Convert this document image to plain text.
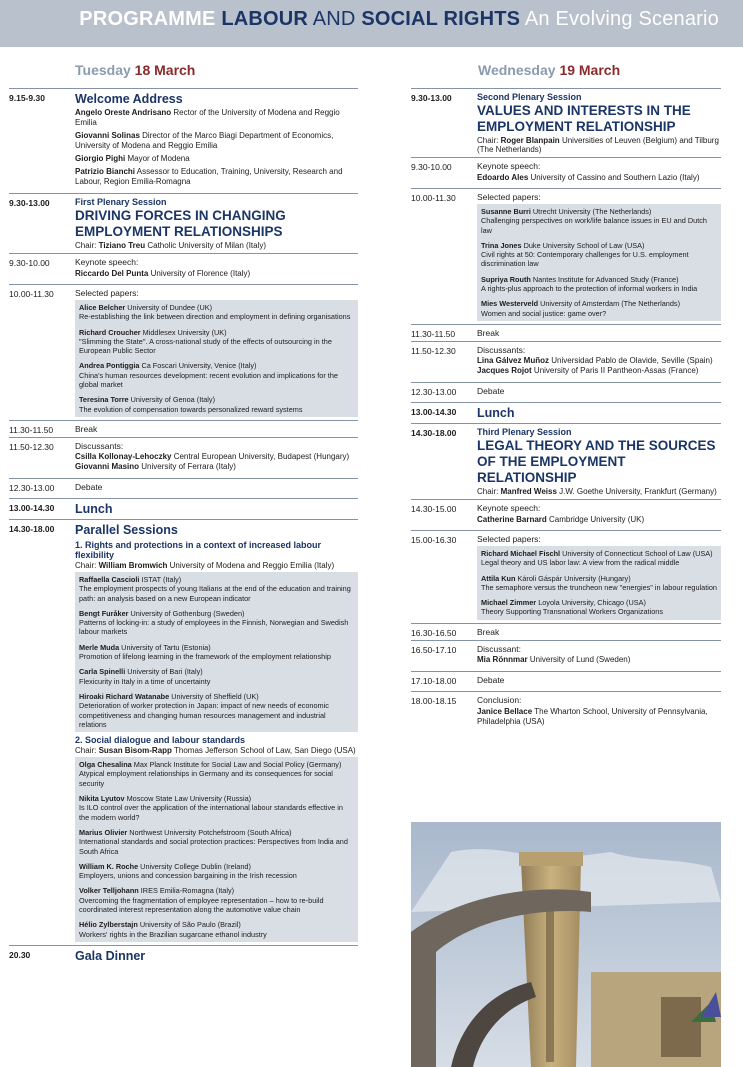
PROGRAMME LABOUR AND SOCIAL RIGHTS An Evolving Scenario
Tuesday 18 March	Wednesday 19 March
9.15-9.30	Welcome Address
Angelo Oreste Andrisano Rector of the University of Modena and Reggio Emilia
Giovanni Solinas Director of the Marco Biagi Department of Economics, University of Modena and Reggio Emilia
Giorgio Pighi Mayor of Modena
Patrizio Bianchi Assessor to Education, Training, University, Research and Labour, Region Emilia-Romagna
9.30-13.00	First Plenary Session
DRIVING FORCES IN CHANGING EMPLOYMENT RELATIONSHIPS
Chair: Tiziano Treu Catholic University of Milan (Italy)
9.30-10.00	Keynote speech:
Riccardo Del Punta University of Florence (Italy)
10.00-11.30	Selected papers:
Alice Belcher University of Dundee (UK)
Re-establishing the link between direction and employment in defining organisations
Richard Croucher Middlesex University (UK)
"Slimming the State". A cross-national study of the effects of outsourcing in the European Public Sector
Andrea Pontiggia Ca Foscari University, Venice (Italy)
China's human resources development: recent evolution and implications for the global market
Teresina Torre University of Genoa (Italy)
The evolution of compensation towards personalized reward systems
11.30-11.50	Break
11.50-12.30	Discussants:
Csilla Kollonay-Lehoczky Central European University, Budapest (Hungary)
Giovanni Masino University of Ferrara (Italy)
12.30-13.00	Debate
13.00-14.30	Lunch
14.30-18.00	Parallel Sessions
1. Rights and protections in a context of increased labour flexibility
Chair: William Bromwich University of Modena and Reggio Emilia (Italy)
Raffaella Cascioli ISTAT (Italy)
The employment prospects of young Italians at the end of the education and training path: an analysis based on a new European indicator
Bengt Furåker University of Gothenburg (Sweden)
Patterns of locking-in: a study of employees in the Finnish, Norwegian and Swedish labour markets
Merle Muda University of Tartu (Estonia)
Promotion of lifelong learning in the framework of the employment relationship
Carla Spinelli University of Bari (Italy)
Flexicurity in Italy in a time of uncertainty
Hiroaki Richard Watanabe University of Sheffield (UK)
Deterioration of worker protection in Japan: impact of new needs of economic competitiveness and changing human resources management and industrial relations
2. Social dialogue and labour standards
Chair: Susan Bisom-Rapp Thomas Jefferson School of Law, San Diego (USA)
Olga Chesalina Max Planck Institute for Social Law and Social Policy (Germany)
Atypical employment relationships in Germany and its consequences for social security
Nikita Lyutov Moscow State Law University (Russia)
Is ILO control over the application of the international labour standards effective in the modern world?
Marius Olivier Northwest University Potchefstroom (South Africa)
International standards and social protection practices: Perspectives from India and South Africa
William K. Roche University College Dublin (Ireland)
Employers, unions and concession bargaining in the Irish recession
Volker Telljohann IRES Emilia-Romagna (Italy)
Overcoming the fragmentation of employee representation – how to re-build coordinated interest representation along the automotive value chain
Hélio Zylberstajn University of São Paulo (Brazil)
Workers' rights in the Brazilian sugarcane ethanol industry
20.30	Gala Dinner
9.30-13.00	Second Plenary Session
VALUES AND INTERESTS IN THE EMPLOYMENT RELATIONSHIP
Chair: Roger Blanpain Universities of Leuven (Belgium) and Tilburg (The Netherlands)
9.30-10.00	Keynote speech:
Edoardo Ales University of Cassino and Southern Lazio (Italy)
10.00-11.30	Selected papers:
Susanne Burri Utrecht University (The Netherlands)
Challenging perspectives on work/life balance issues in EU and Dutch law
Trina Jones Duke University School of Law (USA)
Civil rights at 50: Contemporary challenges for U.S. employment discrimination law
Supriya Routh Nantes Institute for Advanced Study (France)
A rights-plus approach to the protection of informal workers in India
Mies Westerveld University of Amsterdam (The Netherlands)
Women and social justice: game over?
11.30-11.50	Break
11.50-12.30	Discussants:
Lina Gálvez Muñoz Universidad Pablo de Olavide, Seville (Spain)
Jacques Rojot University of Paris II Pantheon-Assas (France)
12.30-13.00	Debate
13.00-14.30	Lunch
14.30-18.00	Third Plenary Session
LEGAL THEORY AND THE SOURCES OF THE EMPLOYMENT RELATIONSHIP
Chair: Manfred Weiss J.W. Goethe University, Frankfurt (Germany)
14.30-15.00	Keynote speech:
Catherine Barnard Cambridge University (UK)
15.00-16.30	Selected papers:
Richard Michael Fischl University of Connecticut School of Law (USA)
Legal theory and US labor law: A view from the radical middle
Attila Kun Károli Gáspár University (Hungary)
The semaphore versus the truncheon new "energies" in labour regulation
Michael Zimmer Loyola University, Chicago (USA)
Theory Supporting Transnational Workers Organizations
16.30-16.50	Break
16.50-17.10	Discussant:
Mia Rönnmar University of Lund (Sweden)
17.10-18.00	Debate
18.00-18.15	Conclusion:
Janice Bellace The Wharton School, University of Pennsylvania, Philadelphia (USA)
